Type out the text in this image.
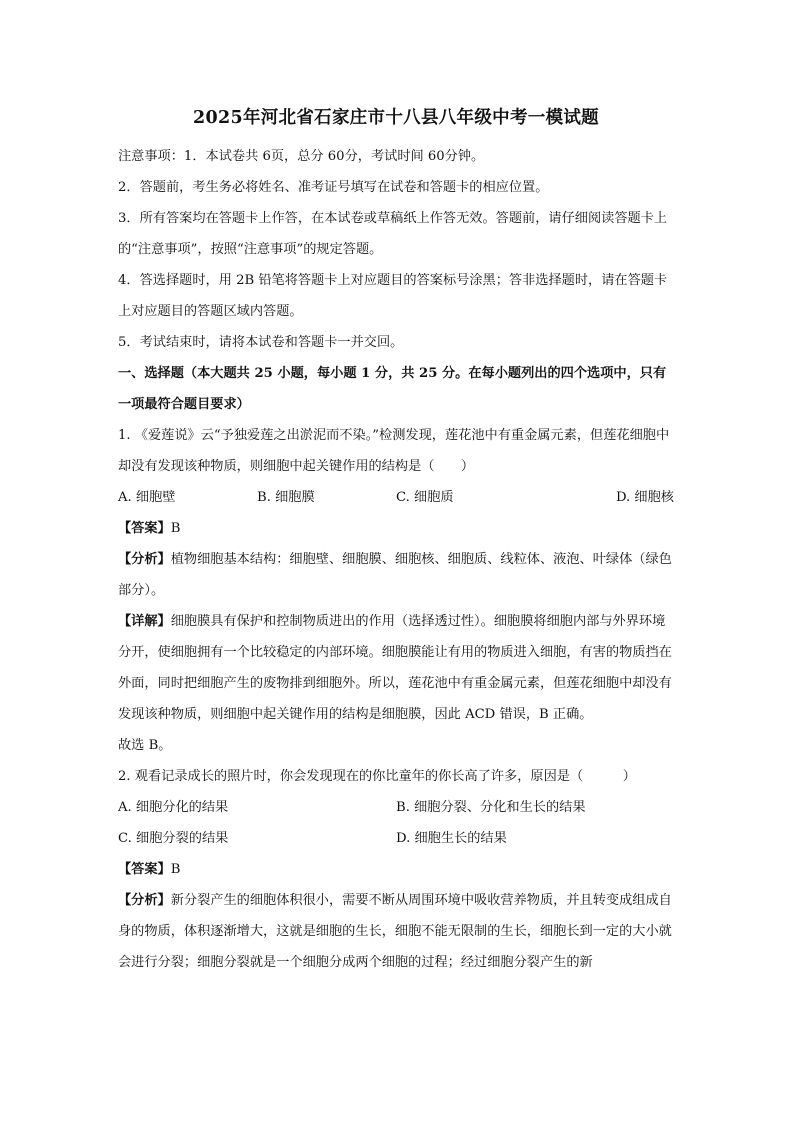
2025年河北省石家庄市十八县八年级中考一模试题

注意事项：1．本试卷共 6页，总分 60分，考试时间 60分钟。

2．答题前，考生务必将姓名、准考证号填写在试卷和答题卡的相应位置。

3．所有答案均在答题卡上作答，在本试卷或草稿纸上作答无效。答题前，请仔细阅读答题卡上的“注意事项”，按照“注意事项”的规定答题。

4．答选择题时，用 2B 铅笔将答题卡上对应题目的答案标号涂黑；答非选择题时，请在答题卡上对应题目的答题区域内答题。

5．考试结束时，请将本试卷和答题卡一并交回。

一、选择题（本大题共 25 小题，每小题 1 分，共 25 分。在每小题列出的四个选项中，只有一项最符合题目要求）

1. 《爱莲说》云“予独爱莲之出淤泥而不染。”检测发现，莲花池中有重金属元素，但莲花细胞中却没有发现该种物质，则细胞中起关键作用的结构是（　　）

A. 细胞壁	B. 细胞膜	C. 细胞质	D. 细胞核

【答案】B

【分析】植物细胞基本结构：细胞壁、细胞膜、细胞核、细胞质、线粒体、液泡、叶绿体（绿色部分）。

【详解】细胞膜具有保护和控制物质进出的作用（选择透过性）。细胞膜将细胞内部与外界环境分开，使细胞拥有一个比较稳定的内部环境。细胞膜能让有用的物质进入细胞，有害的物质挡在外面，同时把细胞产生的废物排到细胞外。所以，莲花池中有重金属元素，但莲花细胞中却没有发现该种物质，则细胞中起关键作用的结构是细胞膜，因此 ACD 错误，B 正确。

故选 B。

2. 观看记录成长的照片时，你会发现现在的你比童年的你长高了许多，原因是（　　　）

A. 细胞分化的结果	B. 细胞分裂、分化和生长的结果
C. 细胞分裂的结果	D. 细胞生长的结果

【答案】B

【分析】新分裂产生的细胞体积很小，需要不断从周围环境中吸收营养物质，并且转变成组成自身的物质，体积逐渐增大，这就是细胞的生长，细胞不能无限制的生长，细胞长到一定的大小就会进行分裂；细胞分裂就是一个细胞分成两个细胞的过程；经过细胞分裂产生的新
